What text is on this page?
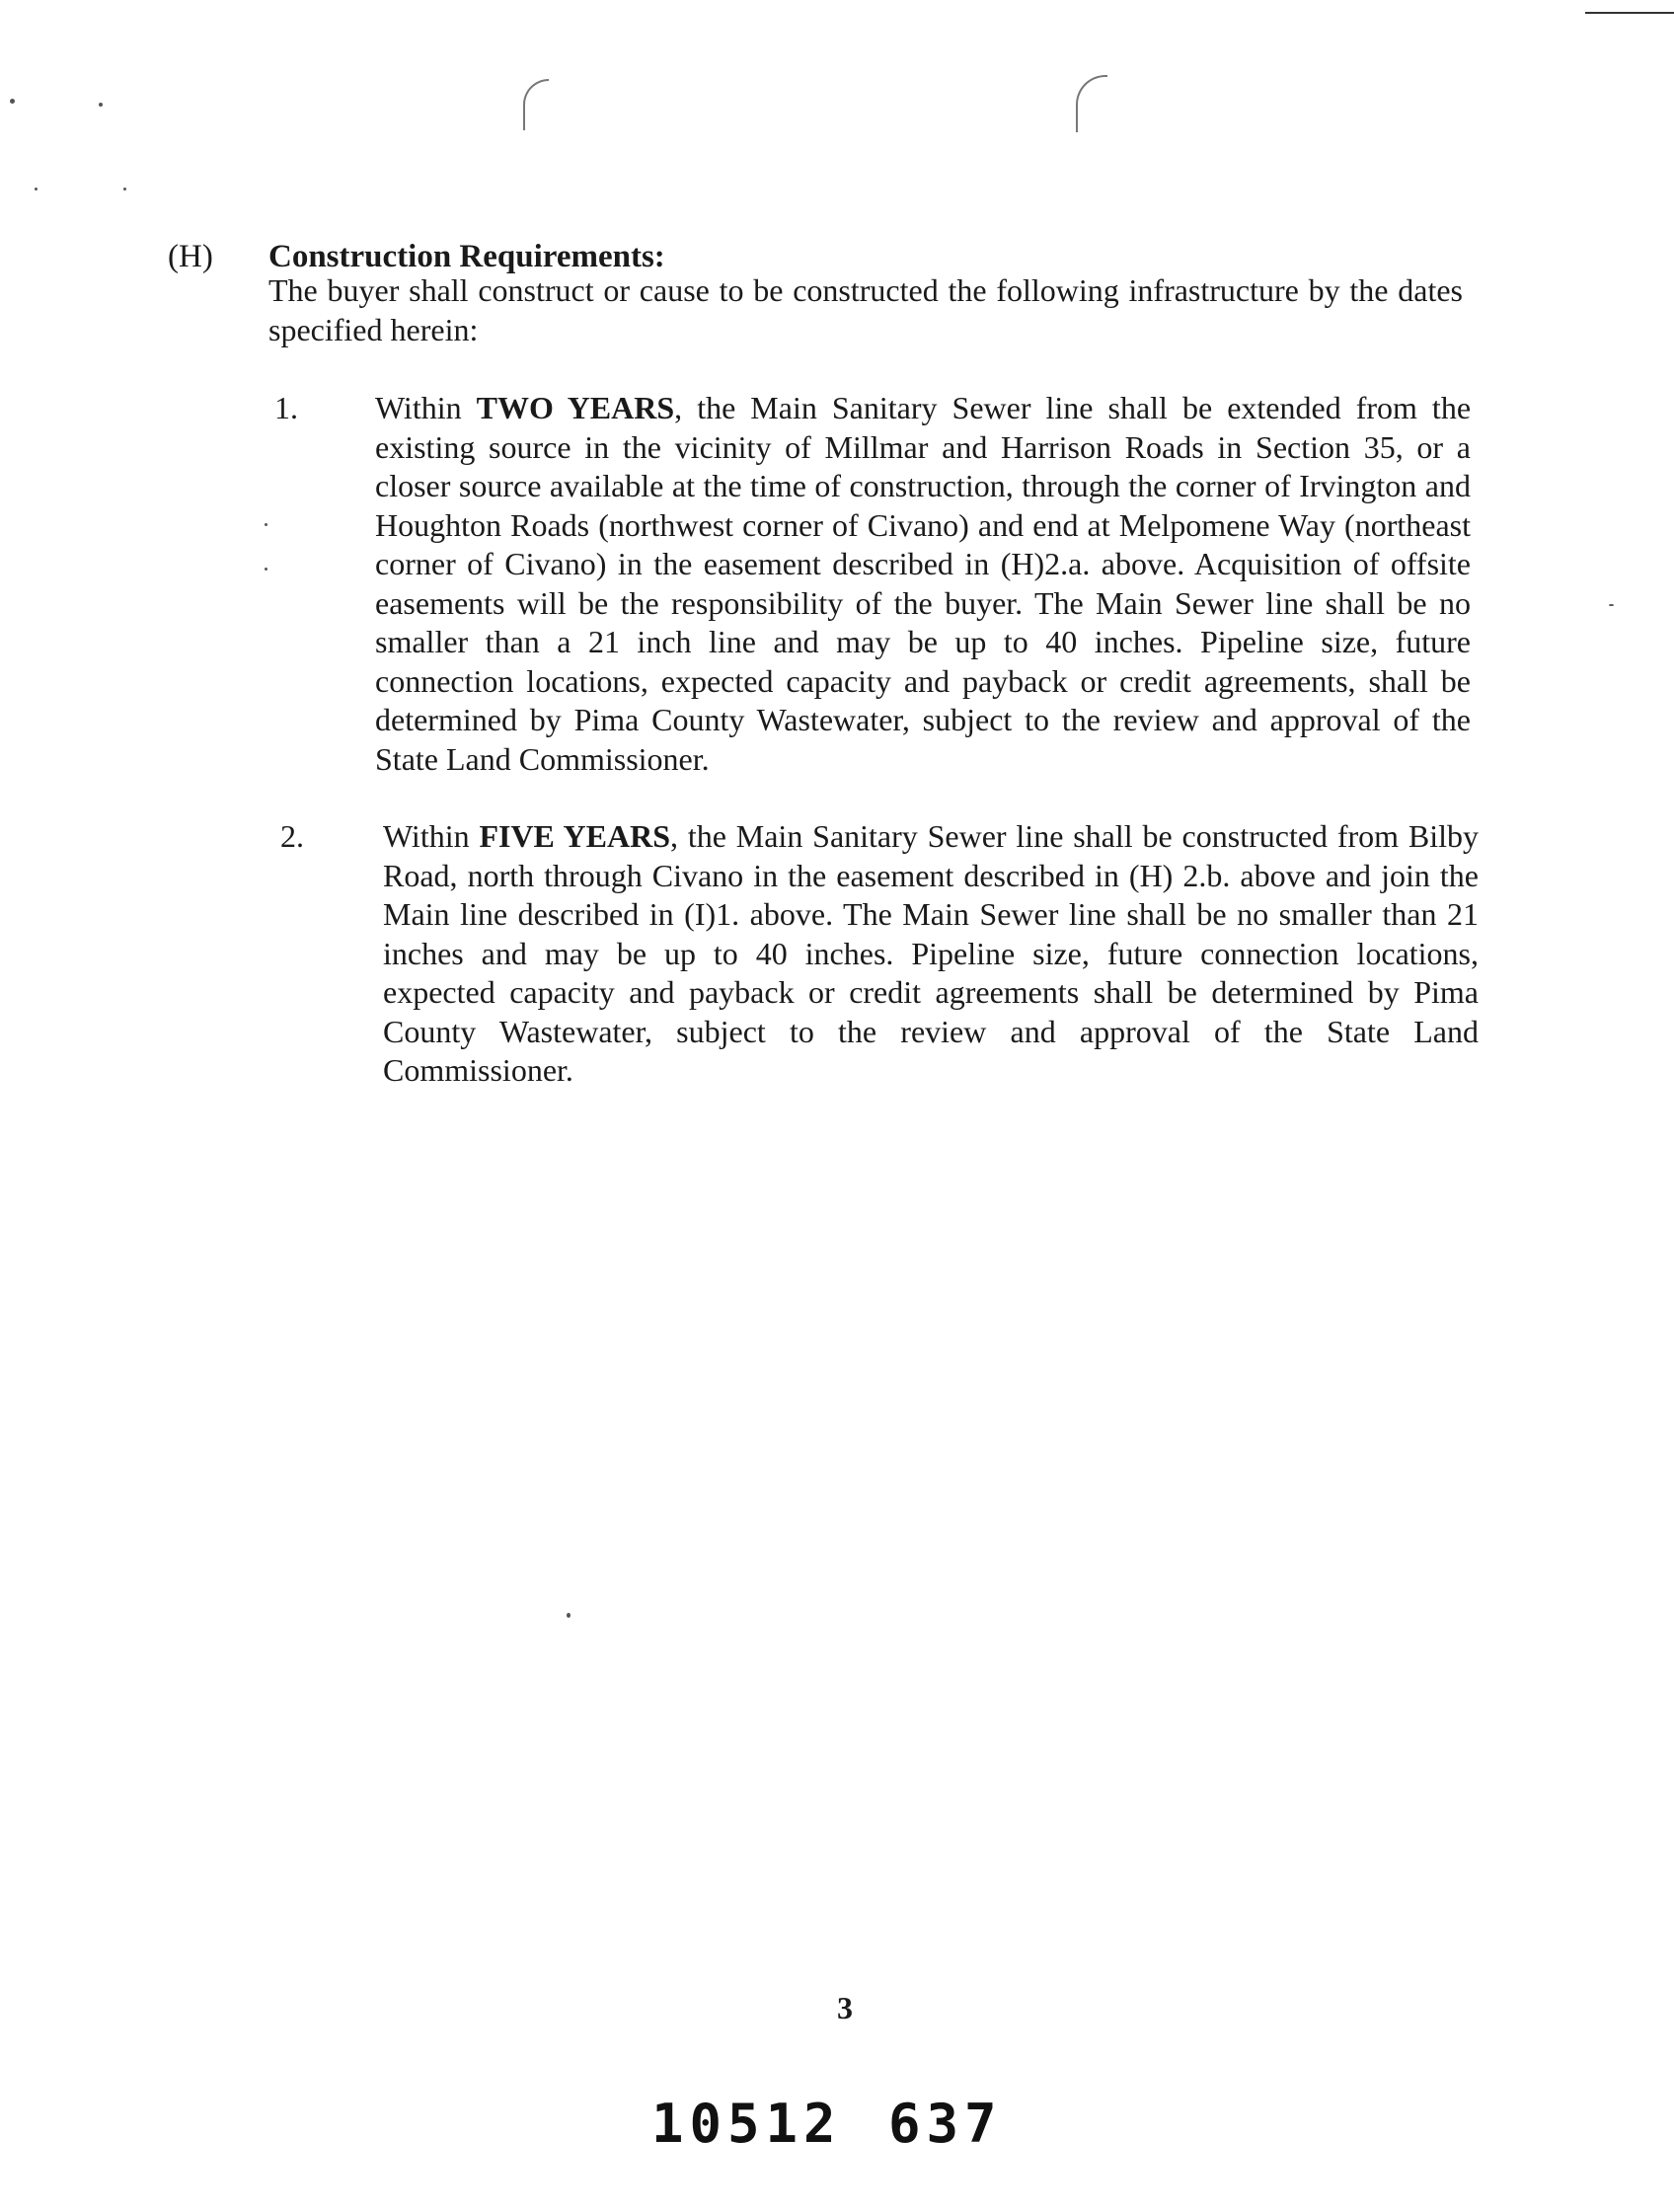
(H) Construction Requirements:
The buyer shall construct or cause to be constructed the following infrastructure by the dates specified herein:
1. Within TWO YEARS, the Main Sanitary Sewer line shall be extended from the existing source in the vicinity of Millmar and Harrison Roads in Section 35, or a closer source available at the time of construction, through the corner of Irvington and Houghton Roads (northwest corner of Civano) and end at Melpomene Way (northeast corner of Civano) in the easement described in (H)2.a. above. Acquisition of offsite easements will be the responsibility of the buyer. The Main Sewer line shall be no smaller than a 21 inch line and may be up to 40 inches. Pipeline size, future connection locations, expected capacity and payback or credit agreements, shall be determined by Pima County Wastewater, subject to the review and approval of the State Land Commissioner.
2.	Within FIVE YEARS, the Main Sanitary Sewer line shall be constructed from Bilby Road, north through Civano in the easement described in (H) 2.b. above and join the Main line described in (I)1. above. The Main Sewer line shall be no smaller than 21 inches and may be up to 40 inches. Pipeline size, future connection locations, expected capacity and payback or credit agreements shall be determined by Pima County Wastewater, subject to the review and approval of the State Land Commissioner.
3
10512 637
